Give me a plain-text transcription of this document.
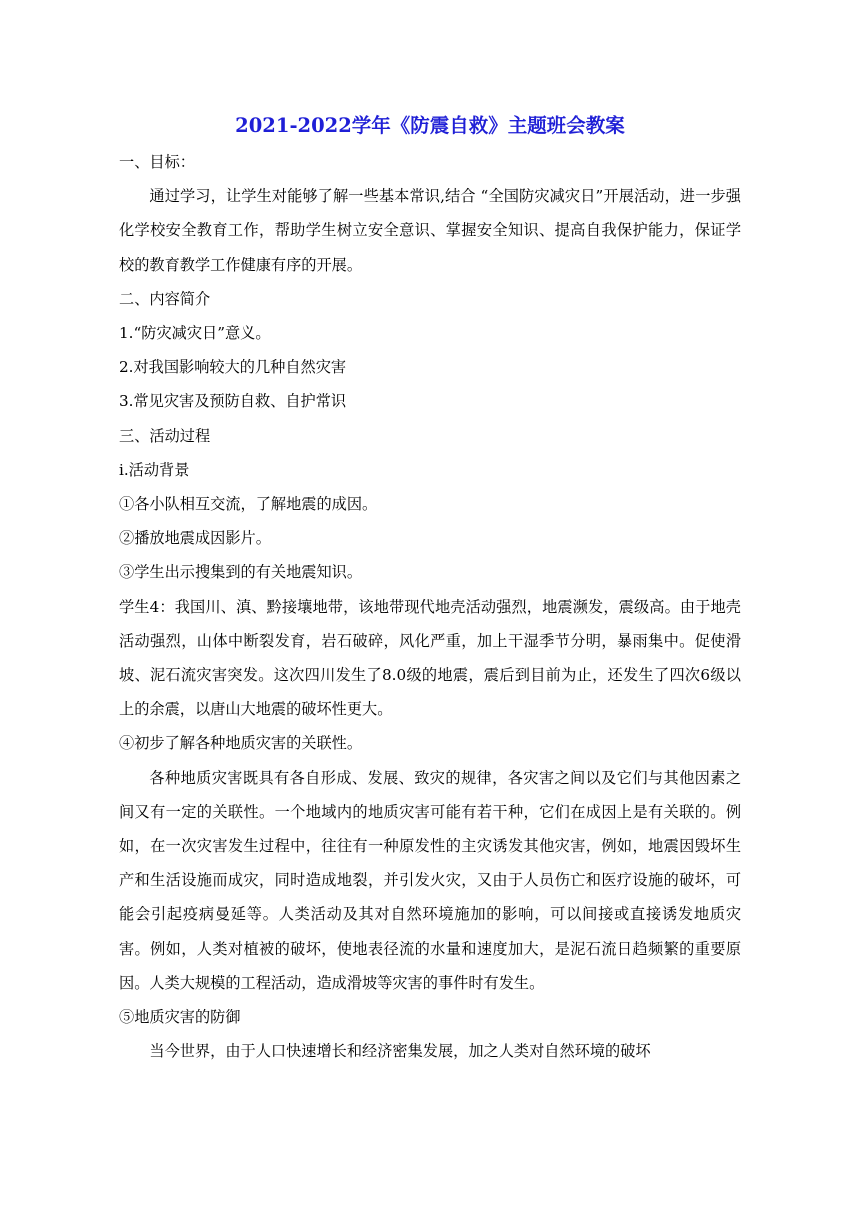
2021-2022学年《防震自救》主题班会教案

一、目标：

通过学习，让学生对能够了解一些基本常识,结合 “全国防灾减灾日”开展活动，进一步强化学校安全教育工作，帮助学生树立安全意识、掌握安全知识、提高自我保护能力，保证学校的教育教学工作健康有序的开展。

二、内容简介

1.“防灾减灾日”意义。

2.对我国影响较大的几种自然灾害

3.常见灾害及预防自救、自护常识

三、活动过程

ⅰ.活动背景

①各小队相互交流，了解地震的成因。

②播放地震成因影片。

③学生出示搜集到的有关地震知识。

学生4：我国川、滇、黔接壤地带，该地带现代地壳活动强烈，地震濒发，震级高。由于地壳活动强烈，山体中断裂发育，岩石破碎，风化严重，加上干湿季节分明，暴雨集中。促使滑坡、泥石流灾害突发。这次四川发生了8.0级的地震，震后到目前为止，还发生了四次6级以上的余震，以唐山大地震的破坏性更大。

④初步了解各种地质灾害的关联性。

各种地质灾害既具有各自形成、发展、致灾的规律，各灾害之间以及它们与其他因素之间又有一定的关联性。一个地域内的地质灾害可能有若干种，它们在成因上是有关联的。例如，在一次灾害发生过程中，往往有一种原发性的主灾诱发其他灾害，例如，地震因毁坏生产和生活设施而成灾，同时造成地裂，并引发火灾，又由于人员伤亡和医疗设施的破坏，可能会引起疫病曼延等。人类活动及其对自然环境施加的影响，可以间接或直接诱发地质灾害。例如，人类对植被的破坏，使地表径流的水量和速度加大，是泥石流日趋频繁的重要原因。人类大规模的工程活动，造成滑坡等灾害的事件时有发生。

⑤地质灾害的防御

当今世界，由于人口快速增长和经济密集发展，加之人类对自然环境的破坏
